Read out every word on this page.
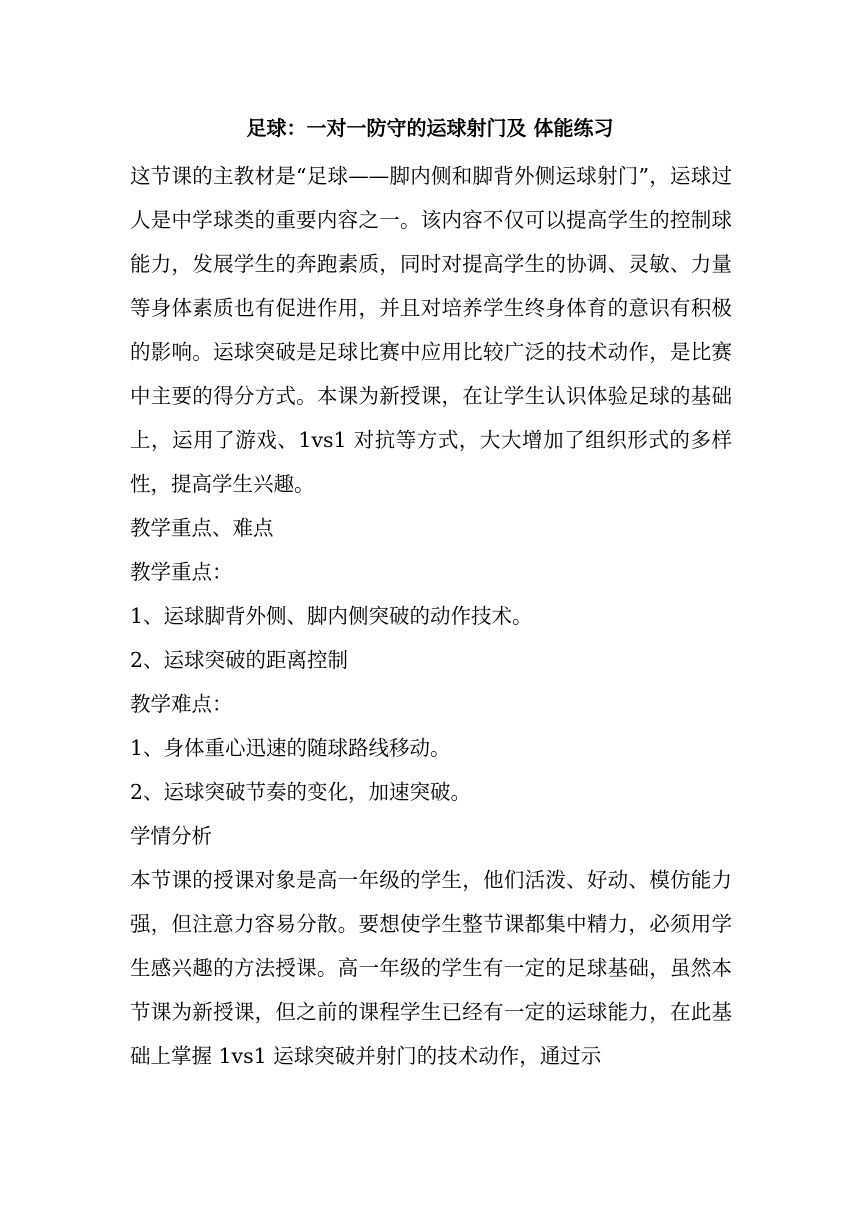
足球：一对一防守的运球射门及 体能练习

这节课的主教材是“足球——脚内侧和脚背外侧运球射门”，运球过人是中学球类的重要内容之一。该内容不仅可以提高学生的控制球能力，发展学生的奔跑素质，同时对提高学生的协调、灵敏、力量等身体素质也有促进作用，并且对培养学生终身体育的意识有积极的影响。运球突破是足球比赛中应用比较广泛的技术动作，是比赛中主要的得分方式。本课为新授课，在让学生认识体验足球的基础上，运用了游戏、1vs1 对抗等方式，大大增加了组织形式的多样性，提高学生兴趣。

教学重点、难点

教学重点：

1、运球脚背外侧、脚内侧突破的动作技术。

2、运球突破的距离控制

教学难点：

1、身体重心迅速的随球路线移动。

2、运球突破节奏的变化，加速突破。

学情分析

本节课的授课对象是高一年级的学生，他们活泼、好动、模仿能力强，但注意力容易分散。要想使学生整节课都集中精力，必须用学生感兴趣的方法授课。高一年级的学生有一定的足球基础，虽然本节课为新授课，但之前的课程学生已经有一定的运球能力，在此基础上掌握 1vs1 运球突破并射门的技术动作，通过示
